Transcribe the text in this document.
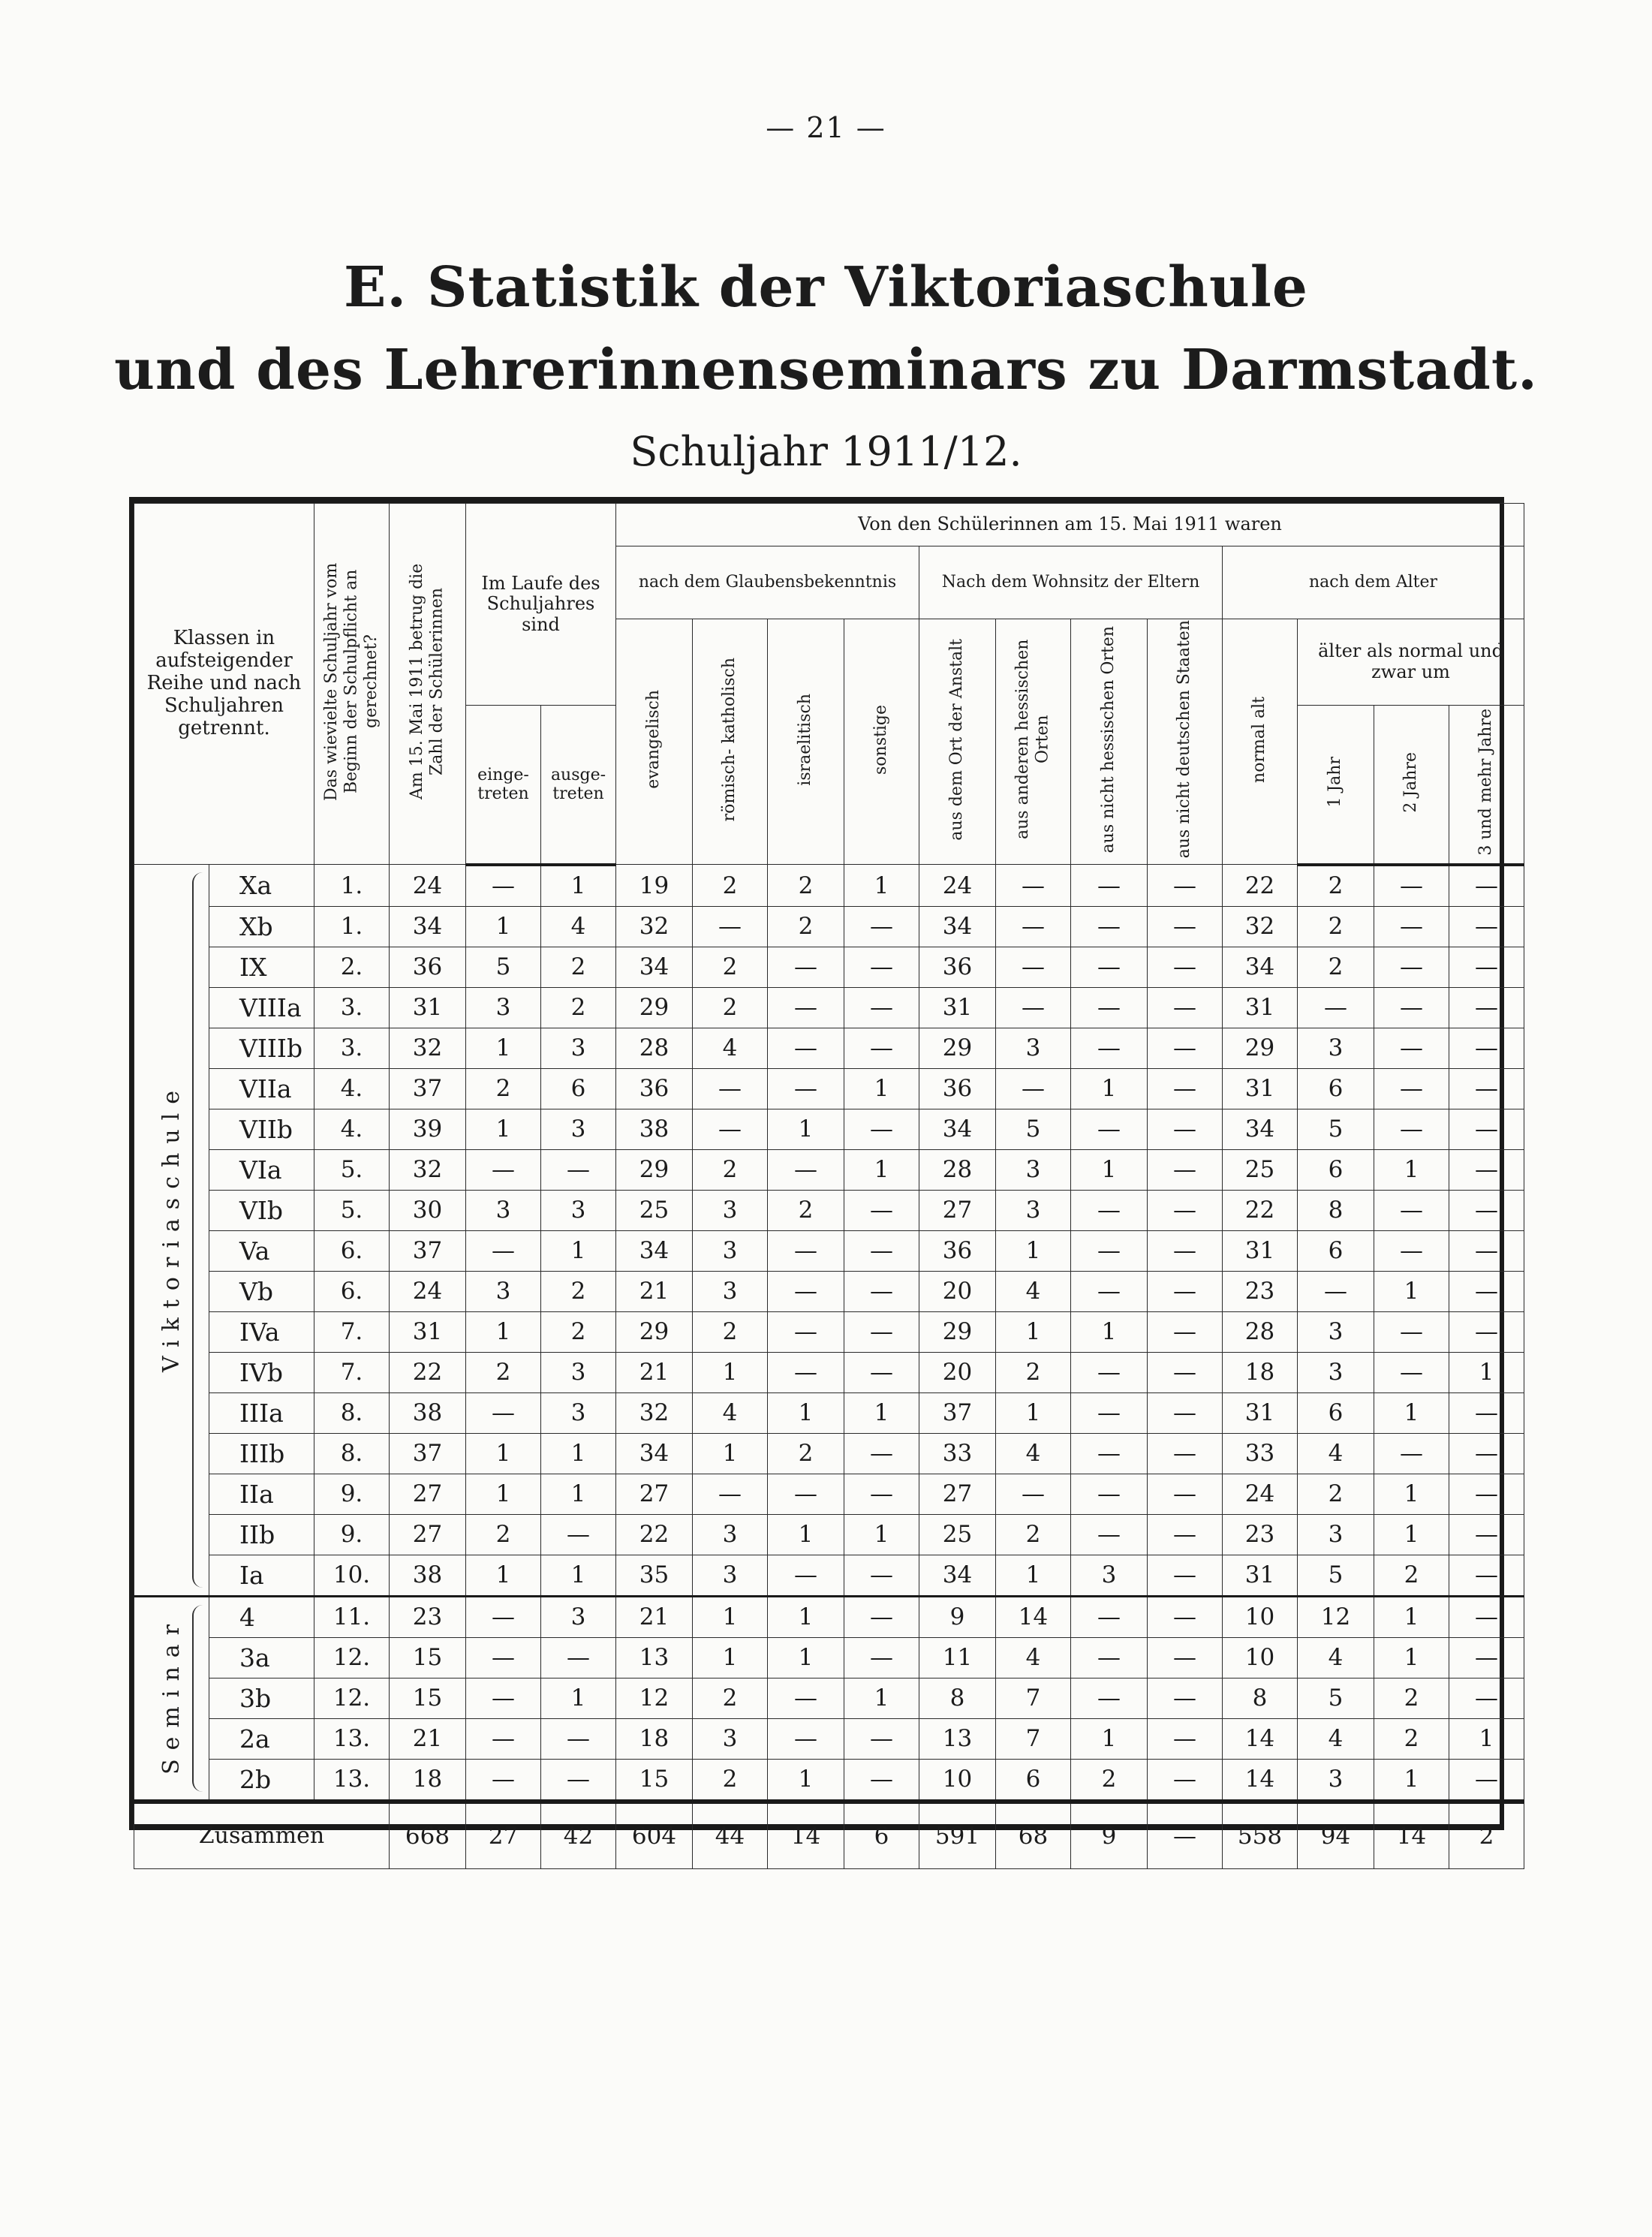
— 21 —
E. Statistik der Viktoriaschule
und des Lehrerinnenseminars zu Darmstadt.
Schuljahr 1911/12.
Klassen in aufsteigender Reihe und nach Schuljahren getrennt.		Das wievielte Schuljahr vom Beginn der Schulpflicht an gerechnet?	Am 15. Mai 1911 betrug die Zahl der Schülerinnen	Im Laufe des Schuljahres sind		Von den Schülerinnen am 15. Mai 1911 waren											
						nach dem Glaubensbekenntnis				Nach dem Wohnsitz der Eltern				nach dem Alter			
						evangelisch	römisch- katholisch	israelitisch	sonstige	aus dem Ort der Anstalt	aus anderen hessischen Orten	aus nicht hessischen Orten	aus nicht deutschen Staaten	normal alt	älter als normal und zwar um		
				einge- treten	ausge- treten										1 Jahr	2 Jahre	3 und mehr Jahre
Viktoriaschule	Xa	1.	24	—	1	19	2	2	1	24	—	—	—	22	2	—	—
	Xb	1.	34	1	4	32	—	2	—	34	—	—	—	32	2	—	—
	IX	2.	36	5	2	34	2	—	—	36	—	—	—	34	2	—	—
	VIIIa	3.	31	3	2	29	2	—	—	31	—	—	—	31	—	—	—
	VIIIb	3.	32	1	3	28	4	—	—	29	3	—	—	29	3	—	—
	VIIa	4.	37	2	6	36	—	—	1	36	—	1	—	31	6	—	—
	VIIb	4.	39	1	3	38	—	1	—	34	5	—	—	34	5	—	—
	VIa	5.	32	—	—	29	2	—	1	28	3	1	—	25	6	1	—
	VIb	5.	30	3	3	25	3	2	—	27	3	—	—	22	8	—	—
	Va	6.	37	—	1	34	3	—	—	36	1	—	—	31	6	—	—
	Vb	6.	24	3	2	21	3	—	—	20	4	—	—	23	—	1	—
	IVa	7.	31	1	2	29	2	—	—	29	1	1	—	28	3	—	—
	IVb	7.	22	2	3	21	1	—	—	20	2	—	—	18	3	—	1
	IIIa	8.	38	—	3	32	4	1	1	37	1	—	—	31	6	1	—
	IIIb	8.	37	1	1	34	1	2	—	33	4	—	—	33	4	—	—
	IIa	9.	27	1	1	27	—	—	—	27	—	—	—	24	2	1	—
	IIb	9.	27	2	—	22	3	1	1	25	2	—	—	23	3	1	—
	Ia	10.	38	1	1	35	3	—	—	34	1	3	—	31	5	2	—
Seminar	4	11.	23	—	3	21	1	1	—	9	14	—	—	10	12	1	—
	3a	12.	15	—	—	13	1	1	—	11	4	—	—	10	4	1	—
	3b	12.	15	—	1	12	2	—	1	8	7	—	—	8	5	2	—
	2a	13.	21	—	—	18	3	—	—	13	7	1	—	14	4	2	1
	2b	13.	18	—	—	15	2	1	—	10	6	2	—	14	3	1	—
Zusammen			668	27	42	604	44	14	6	591	68	9	—	558	94	14	2
